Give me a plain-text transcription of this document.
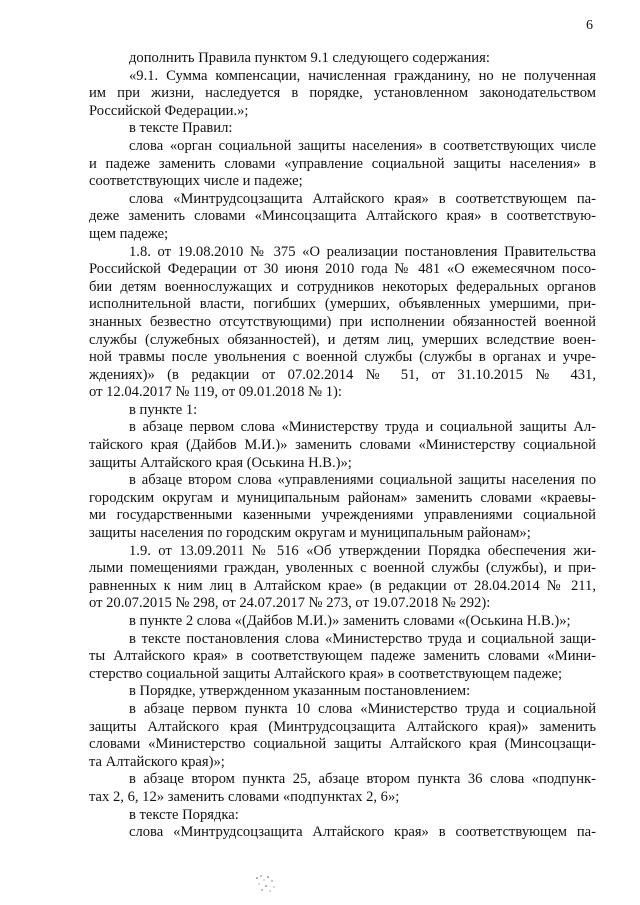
6
дополнить Правила пунктом 9.1 следующего содержания:
«9.1. Сумма компенсации, начисленная гражданину, но не полученная
им при жизни, наследуется в порядке, установленном законодательством
Российской Федерации.»;
в тексте Правил:
слова «орган социальной защиты населения» в соответствующих числе
и падеже заменить словами «управление социальной защиты населения» в
соответствующих числе и падеже;
слова «Минтрудсоцзащита Алтайского края» в соответствующем па-
деже заменить словами «Минсоцзащита Алтайского края» в соответствую-
щем падеже;
1.8. от 19.08.2010 № 375 «О реализации постановления Правительства
Российской Федерации от 30 июня 2010 года № 481 «О ежемесячном посо-
бии детям военнослужащих и сотрудников некоторых федеральных органов
исполнительной власти, погибших (умерших, объявленных умершими, при-
знанных безвестно отсутствующими) при исполнении обязанностей военной
службы (служебных обязанностей), и детям лиц, умерших вследствие воен-
ной травмы после увольнения с военной службы (службы в органах и учре-
ждениях)» (в редакции от 07.02.2014 № 51, от 31.10.2015 № 431,
от 12.04.2017 № 119, от 09.01.2018 № 1):
в пункте 1:
в абзаце первом слова «Министерству труда и социальной защиты Ал-
тайского края (Дайбов М.И.)» заменить словами «Министерству социальной
защиты Алтайского края (Оськина Н.В.)»;
в абзаце втором слова «управлениями социальной защиты населения по
городским округам и муниципальным районам» заменить словами «краевы-
ми государственными казенными учреждениями управлениями социальной
защиты населения по городским округам и муниципальным районам»;
1.9. от 13.09.2011 № 516 «Об утверждении Порядка обеспечения жи-
лыми помещениями граждан, уволенных с военной службы (службы), и при-
равненных к ним лиц в Алтайском крае» (в редакции от 28.04.2014 № 211,
от 20.07.2015 № 298, от 24.07.2017 № 273, от 19.07.2018 № 292):
в пункте 2 слова «(Дайбов М.И.)» заменить словами «(Оськина Н.В.)»;
в тексте постановления слова «Министерство труда и социальной защи-
ты Алтайского края» в соответствующем падеже заменить словами «Мини-
стерство социальной защиты Алтайского края» в соответствующем падеже;
в Порядке, утвержденном указанным постановлением:
в абзаце первом пункта 10 слова «Министерство труда и социальной
защиты Алтайского края (Минтрудсоцзащита Алтайского края)» заменить
словами «Министерство социальной защиты Алтайского края (Минсоцзащи-
та Алтайского края)»;
в абзаце втором пункта 25, абзаце втором пункта 36 слова «подпунк-
тах 2, 6, 12» заменить словами «подпунктах 2, 6»;
в тексте Порядка:
слова «Минтрудсоцзащита Алтайского края» в соответствующем па-
